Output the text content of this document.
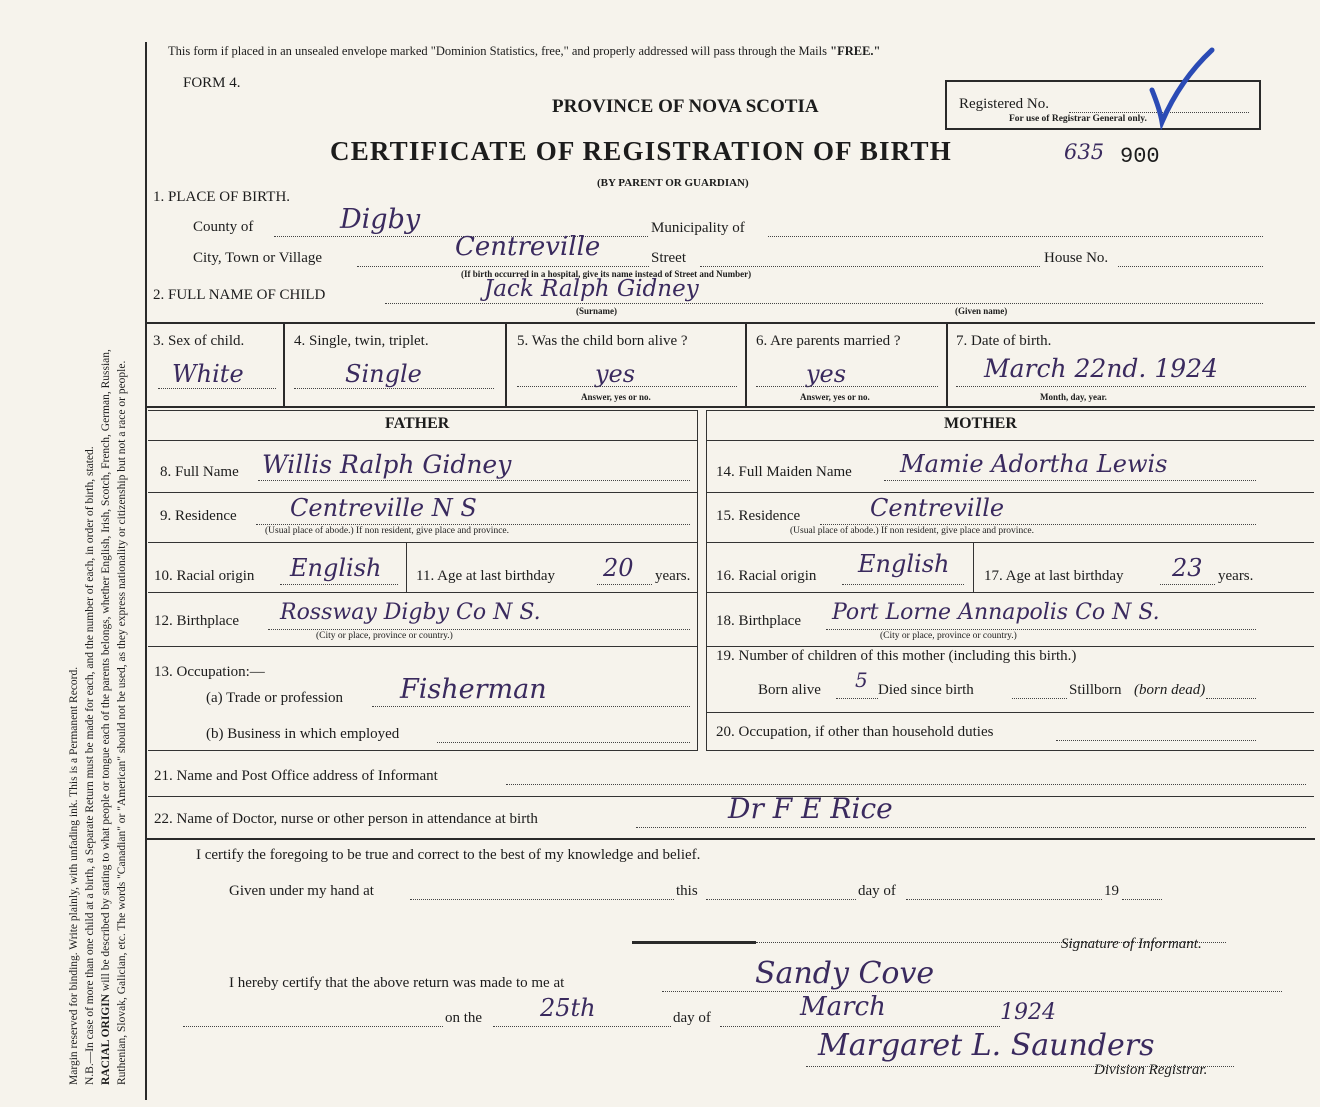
Margin reserved for binding. Write plainly, with unfading ink. This is a Permanent Record. N.B.—In case of more than one child at a birth, a Separate Return must be made for each, and the number of each, in order of birth, stated. RACIAL ORIGIN will be described by stating to what people or tongue each of the parents belongs, whether English, Irish, Scotch, French, German, Russian, Ruthenian, Slovak, Galician, etc. The words "Canadian" or "American" should not be used, as they express nationality or citizenship but not a race or people.
This form if placed in an unsealed envelope marked "Dominion Statistics, free," and properly addressed will pass through the Mails "FREE."
FORM 4.
PROVINCE OF NOVA SCOTIA
CERTIFICATE OF REGISTRATION OF BIRTH
(BY PARENT OR GUARDIAN)
Registered No.
For use of Registrar General only.
635 900
1. PLACE OF BIRTH.
County of	Digby	Municipality of
City, Town or Village	Centreville	Street	House No.
(If birth occurred in a hospital, give its name instead of Street and Number)
2. FULL NAME OF CHILD	Jack Ralph Gidney
(Surname)	(Given name)
3. Sex of child.
White
4. Single, twin, triplet.
Single
5. Was the child born alive ?
yes
Answer, yes or no.
6. Are parents married ?
yes
Answer, yes or no.
7. Date of birth.
March 22nd. 1924
Month, day, year.
FATHER	MOTHER
8. Full Name Willis Ralph Gidney	14. Full Maiden Name Mamie Adortha Lewis
9. Residence Centreville N S
(Usual place of abode.) If non resident, give place and province.
15. Residence	Centreville
(Usual place of abode.) If non resident, give place and province.
10. Racial origin English 11. Age at last birthday 20 years. 16. Racial origin English 17. Age at last birthday 23 years.
12. Birthplace Rossway Digby Co N S.
(City or place, province or country.)
18. Birthplace Port Lorne Annapolis Co N S.
(City or place, province or country.)
13. Occupation:—
(a) Trade or profession Fisherman
(b) Business in which employed
19. Number of children of this mother (including this birth.)
Born alive 5 Died since birth	Stillborn (born dead)
20. Occupation, if other than household duties
21. Name and Post Office address of Informant
22. Name of Doctor, nurse or other person in attendance at birth	Dr F E Rice
I certify the foregoing to be true and correct to the best of my knowledge and belief.
Given under my hand at	this	day of	19
Signature of Informant.
I hereby certify that the above return was made to me at	Sandy Cove
on the 25th	day of	March	1924
Margaret L. Saunders
Division Registrar.
